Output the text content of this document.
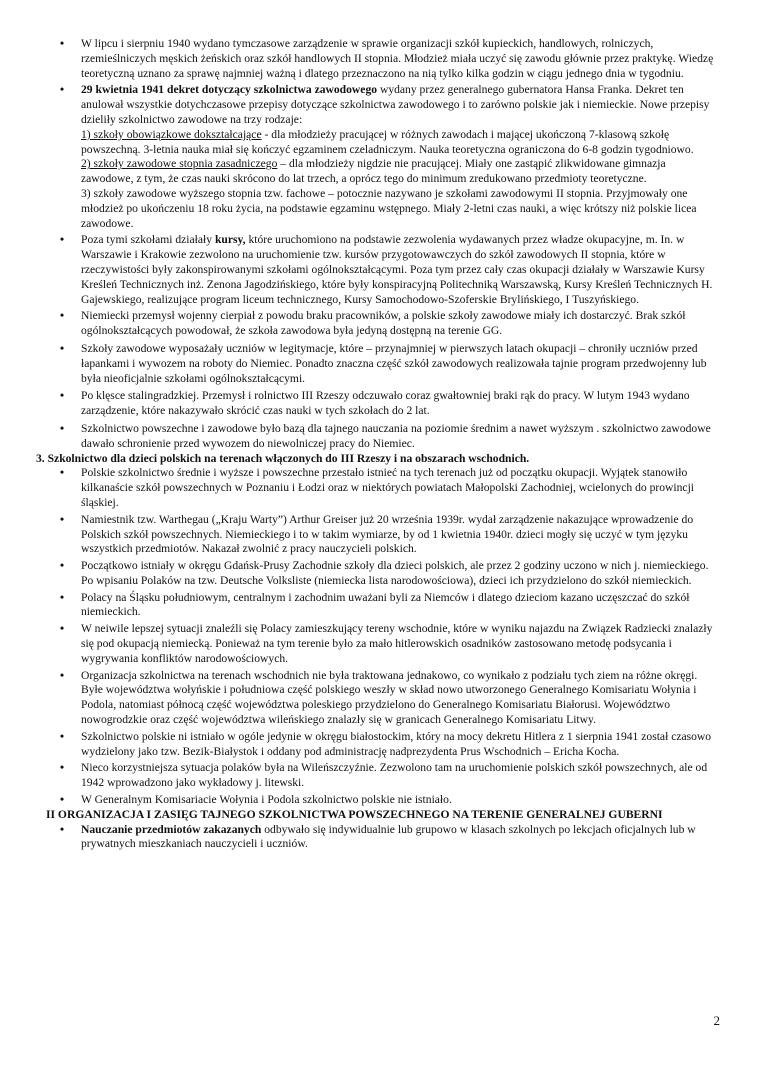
• W lipcu i sierpniu 1940 wydano tymczasowe zarządzenie w sprawie organizacji szkół kupieckich, handlowych, rolniczych, rzemieślniczych męskich żeńskich oraz szkół handlowych II stopnia. Młodzież miała uczyć się zawodu głównie przez praktykę. Wiedzę teoretyczną uznano za sprawę najmniej ważną i dlatego przeznaczono na nią tylko kilka godzin w ciągu jednego dnia w tygodniu.
• 29 kwietnia 1941 dekret dotyczący szkolnictwa zawodowego wydany przez generalnego gubernatora Hansa Franka. Dekret ten anulował wszystkie dotychczasowe przepisy dotyczące szkolnictwa zawodowego i to zarówno polskie jak i niemieckie. Nowe przepisy dzieliły szkolnictwo zawodowe na trzy rodzaje:
1) szkoły obowiązkowe dokształcające - dla młodzieży pracującej w różnych zawodach i mającej ukończoną 7-klasową szkołę powszechną. 3-letnia nauka miał się kończyć egzaminem czeladniczym. Nauka teoretyczna ograniczona do 6-8 godzin tygodniowo.
2) szkoły zawodowe stopnia zasadniczego – dla młodzieży nigdzie nie pracującej. Miały one zastąpić zlikwidowane gimnazja zawodowe, z tym, że czas nauki skrócono do lat trzech, a oprócz tego do minimum zredukowano przedmioty teoretyczne.
3) szkoły zawodowe wyższego stopnia tzw. fachowe – potocznie nazywano je szkołami zawodowymi II stopnia. Przyjmowały one młodzież po ukończeniu 18 roku życia, na podstawie egzaminu wstępnego. Miały 2-letni czas nauki, a więc krótszy niż polskie licea zawodowe.
• Poza tymi szkołami działały kursy, które uruchomiono na podstawie zezwolenia wydawanych przez władze okupacyjne, m. In. w Warszawie i Krakowie zezwolono na uruchomienie tzw. kursów przygotowawczych do szkół zawodowych II stopnia, które w rzeczywistości były zakonspirowanymi szkołami ogólnokształcącymi. Poza tym przez cały czas okupacji działały w Warszawie Kursy Kreśleń Technicznych inż. Zenona Jagodzińskiego, które były konspiracyjną Politechniką Warszawską, Kursy Kreśleń Technicznych H. Gajewskiego, realizujące program liceum technicznego, Kursy Samochodowo-Szoferskie Brylińskiego, I Tuszyńskiego.
• Niemiecki przemysł wojenny cierpiał z powodu braku pracowników, a polskie szkoły zawodowe miały ich dostarczyć. Brak szkół ogólnokształcących powodował, że szkoła zawodowa była jedyną dostępną na terenie GG.
• Szkoły zawodowe wyposażały uczniów w legitymacje, które – przynajmniej w pierwszych latach okupacji – chroniły uczniów przed łapankami i wywozem na roboty do Niemiec. Ponadto znaczna część szkół zawodowych realizowała tajnie program przedwojenny lub była nieoficjalnie szkołami ogólnokształcącymi.
• Po klęsce stalingradzkiej. Przemysł i rolnictwo III Rzeszy odczuwało coraz gwałtowniej braki rąk do pracy. W lutym 1943 wydano zarządzenie, które nakazywało skrócić czas nauki w tych szkołach do 2 lat.
• Szkolnictwo powszechne i zawodowe było bazą dla tajnego nauczania na poziomie średnim a nawet wyższym . szkolnictwo zawodowe dawało schronienie przed wywozem do niewolniczej pracy do Niemiec.
3. Szkolnictwo dla dzieci polskich na terenach włączonych do III Rzeszy i na obszarach wschodnich.
• Polskie szkolnictwo średnie i wyższe i powszechne przestało istnieć na tych terenach już od początku okupacji. Wyjątek stanowiło kilkanaście szkół powszechnych w Poznaniu i Łodzi oraz w niektórych powiatach Małopolski Zachodniej, wcielonych do prowincji śląskiej.
• Namiestnik tzw. Warthegau („Kraju Warty”) Arthur Greiser już 20 września 1939r. wydał zarządzenie nakazujące wprowadzenie do Polskich szkół powszechnych. Niemieckiego i to w takim wymiarze, by od 1 kwietnia 1940r. dzieci mogły się uczyć w tym języku wszystkich przedmiotów. Nakazał zwolnić z pracy nauczycieli polskich.
• Początkowo istniały w okręgu Gdańsk-Prusy Zachodnie szkoły dla dzieci polskich, ale przez 2 godziny uczono w nich j. niemieckiego. Po wpisaniu Polaków na tzw. Deutsche Volksliste (niemiecka lista narodowościowa), dzieci ich przydzielono do szkół niemieckich.
• Polacy na Śląsku południowym, centralnym i zachodnim uważani byli za Niemców i dlatego dzieciom kazano uczęszczać do szkół niemieckich.
• W neiwile lepszej sytuacji znaleźli się Polacy zamieszkujący tereny wschodnie, które w wyniku najazdu na Związek Radziecki znalazły się pod okupacją niemiecką. Ponieważ na tym terenie było za mało hitlerowskich osadników zastosowano metodę podsycania i wygrywania konfliktów narodowościowych.
• Organizacja szkolnictwa na terenach wschodnich nie była traktowana jednakowo, co wynikało z podziału tych ziem na różne okręgi. Byłe województwa wołyńskie i południowa część polskiego weszły w skład nowo utworzonego Generalnego Komisariatu Wołynia i Podola, natomiast północą część województwa poleskiego przydzielono do Generalnego Komisariatu Białorusi. Województwo nowogrodzkie oraz część województwa wileńskiego znalazły się w granicach Generalnego Komisariatu Litwy.
• Szkolnictwo polskie ni istniało w ogóle jedynie w okręgu białostockim, który na mocy dekretu Hitlera z 1 sierpnia 1941 został czasowo wydzielony jako tzw. Bezik-Białystok i oddany pod administrację nadprezydenta Prus Wschodnich – Ericha Kocha.
• Nieco korzystniejsza sytuacja polaków była na Wileńszczyźnie. Zezwolono tam na uruchomienie polskich szkół powszechnych, ale od 1942 wprowadzono jako wykładowy j. litewski.
• W Generalnym Komisariacie Wołynia i Podola szkolnictwo polskie nie istniało.
II ORGANIZACJA I ZASIĘG TAJNEGO SZKOLNICTWA POWSZECHNEGO NA TERENIE GENERALNEJ GUBERNI
• Nauczanie przedmiotów zakazanych odbywało się indywidualnie lub grupowo w klasach szkolnych po lekcjach oficjalnych lub w prywatnych mieszkaniach nauczycieli i uczniów.
2
